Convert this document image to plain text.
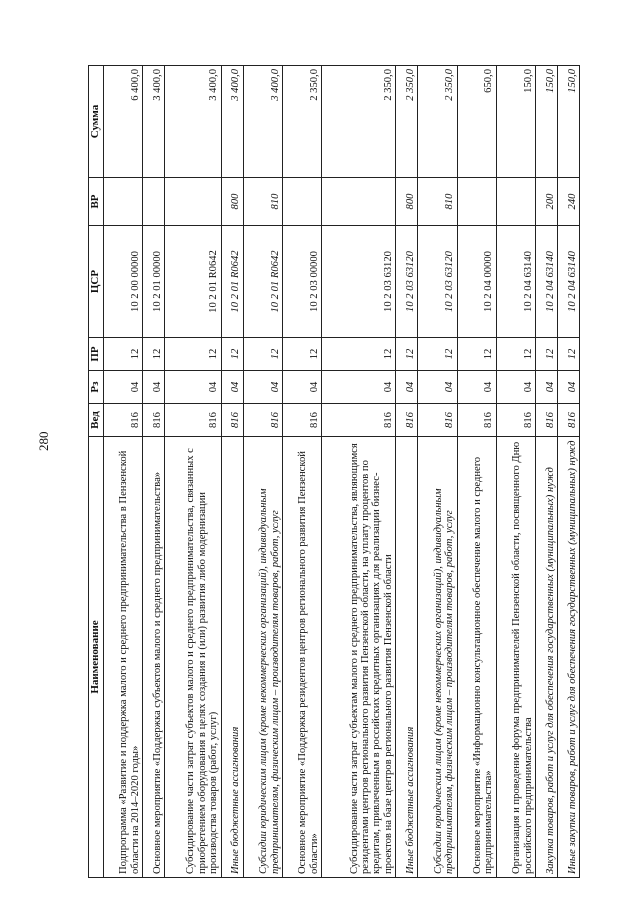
280
Наименование	Вед	Рз	ПР	ЦСР	ВР	Сумма
Подпрограмма «Развитие и поддержка малого и среднего предпринимательства в Пензенской области на 2014–2020 годы»	816	04	12	10 2 00 00000		6 400,0
Основное мероприятие «Поддержка субъектов малого и среднего предпринимательства»	816	04	12	10 2 01 00000		3 400,0
Субсидирование части затрат субъектов малого и среднего предпринимательства, связанных с приобретением оборудования в целях создания и (или) развития либо модернизации производства товаров (работ, услуг)	816	04	12	10 2 01 R0642		3 400,0
Иные бюджетные ассигнования	816	04	12	10 2 01 R0642	800	3 400,0
Субсидии юридическим лицам (кроме некоммерческих организаций), индивидуальным предпринимателям, физическим лицам – производителям товаров, работ, услуг	816	04	12	10 2 01 R0642	810	3 400,0
Основное мероприятие «Поддержка резидентов центров регионального развития Пензенской области»	816	04	12	10 2 03 00000		2 350,0
Субсидирование части затрат субъектам малого и среднего предпринимательства, являющимся резидентами центров регионального развития Пензенской области, на уплату процентов по кредитам, привлеченным в российских кредитных организациях для реализации бизнес-проектов на базе центров регионального развития Пензенской области	816	04	12	10 2 03 63120		2 350,0
Иные бюджетные ассигнования	816	04	12	10 2 03 63120	800	2 350,0
Субсидии юридическим лицам (кроме некоммерческих организаций), индивидуальным предпринимателям, физическим лицам – производителям товаров, работ, услуг	816	04	12	10 2 03 63120	810	2 350,0
Основное мероприятие «Информационно консультационное обеспечение малого и среднего предпринимательства»	816	04	12	10 2 04 00000		650,0
Организация и проведение форума предпринимателей Пензенской области, посвященного Дню российского предпринимательства	816	04	12	10 2 04 63140		150,0
Закупка товаров, работ и услуг для обеспечения государственных (муниципальных) нужд	816	04	12	10 2 04 63140	200	150,0
Иные закупки товаров, работ и услуг для обеспечения государственных (муниципальных) нужд	816	04	12	10 2 04 63140	240	150,0
